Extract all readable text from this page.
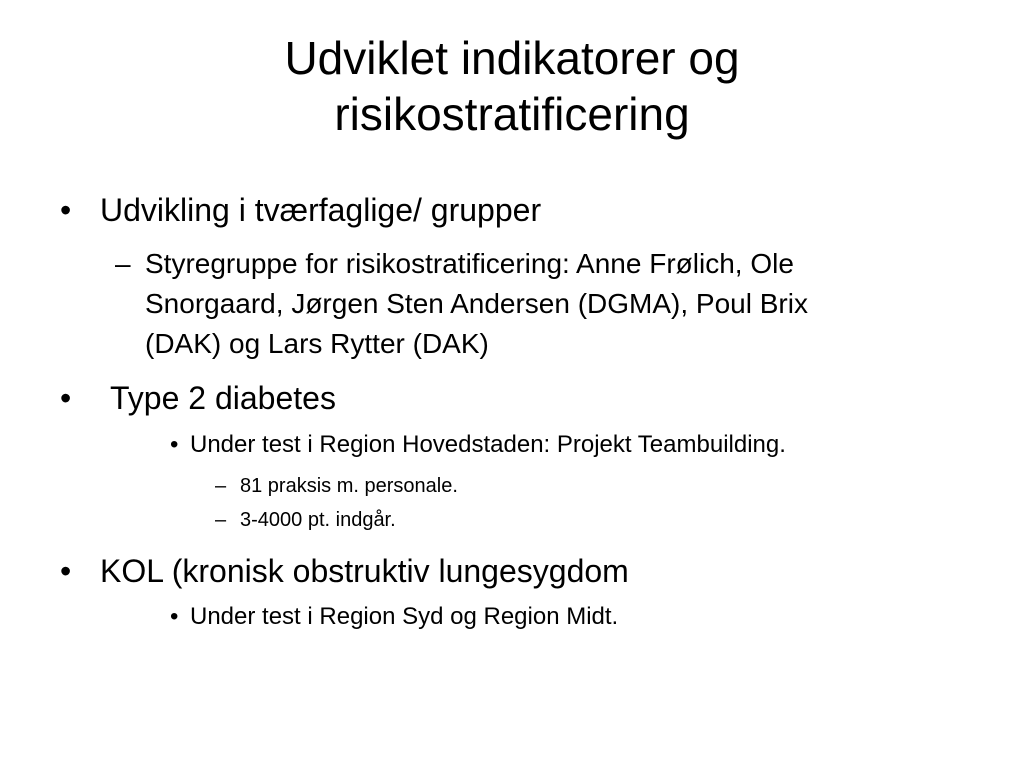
Udviklet indikatorer og
risikostratificering
• Udvikling i tværfaglige/ grupper
– Styregruppe for risikostratificering: Anne Frølich, Ole
Snorgaard, Jørgen Sten Andersen (DGMA), Poul Brix
(DAK) og Lars Rytter (DAK)
• Type 2 diabetes
• Under test i Region Hovedstaden: Projekt Teambuilding.
– 81 praksis m. personale.
– 3-4000 pt. indgår.
• KOL (kronisk obstruktiv lungesygdom
• Under test i Region Syd og Region Midt.
